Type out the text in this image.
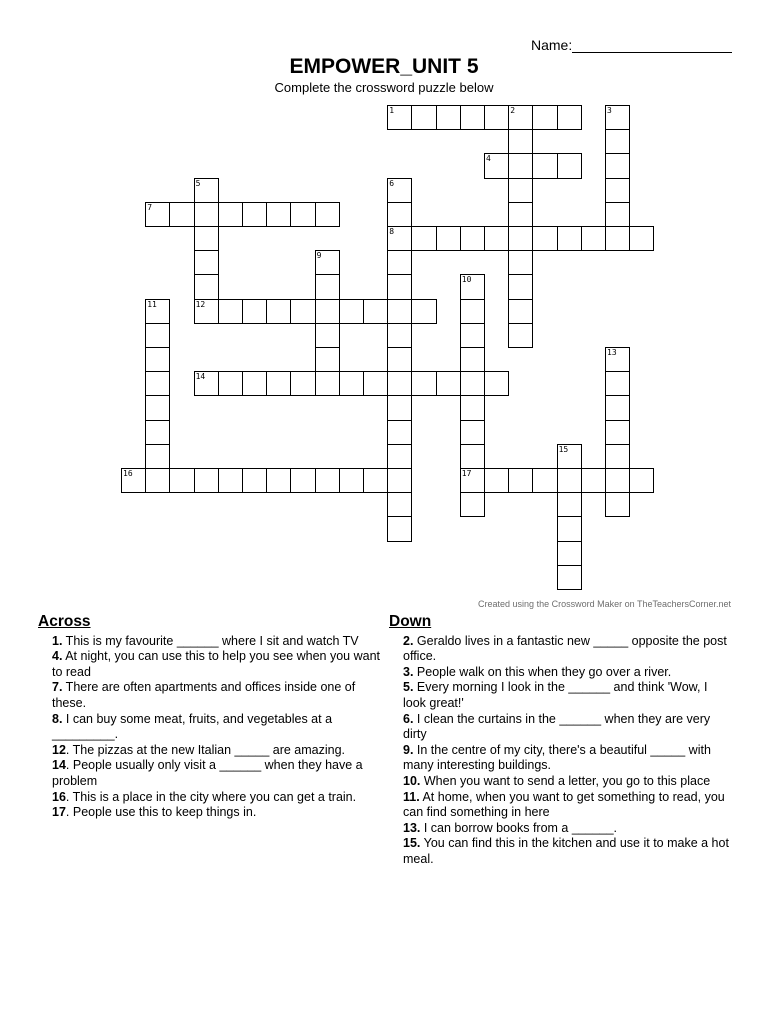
Name:
EMPOWER_UNIT 5
Complete the crossword puzzle below
1	2	3
4
5
12
6
8
7
9
10
17
11
13
14
15
16
Created using the Crossword Maker on TheTeachersCorner.net
Across
1. This is my favourite ______ where I sit and watch TV
4. At night, you can use this to help you see when you want to read
7. There are often apartments and offices inside one of these.
8. I can buy some meat, fruits, and vegetables at a _________.
12. The pizzas at the new Italian _____ are amazing.
14. People usually only visit a ______ when they have a problem
16. This is a place in the city where you can get a train.
17. People use this to keep things in.
Down
2. Geraldo lives in a fantastic new _____ opposite the post office.
3. People walk on this when they go over a river.
5. Every morning I look in the ______ and think 'Wow, I look great!'
6. I clean the curtains in the ______ when they are very dirty
9. In the centre of my city, there's a beautiful _____ with many interesting buildings.
10. When you want to send a letter, you go to this place
11. At home, when you want to get something to read, you can find something in here
13. I can borrow books from a ______.
15. You can find this in the kitchen and use it to make a hot meal.
